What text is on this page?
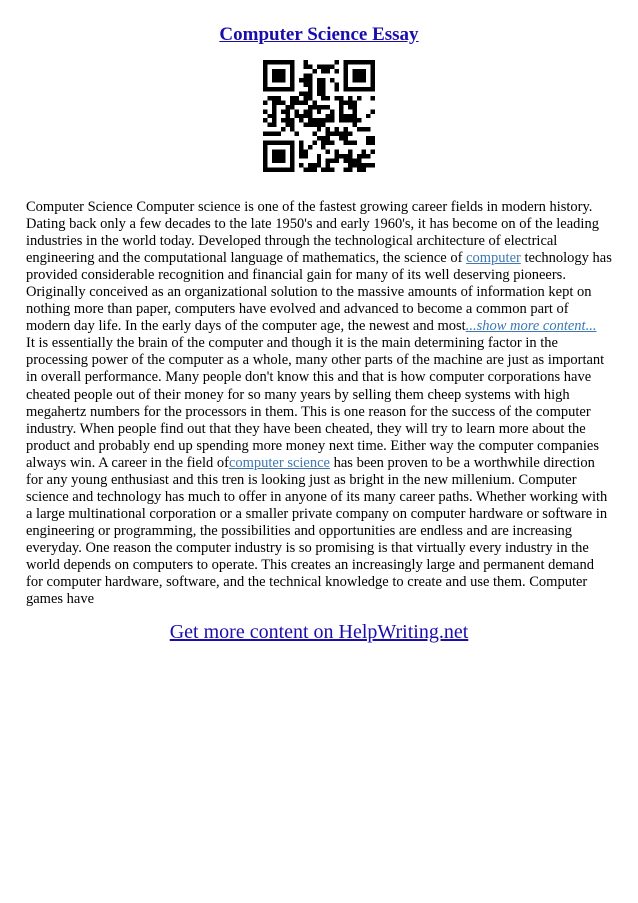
Computer Science Essay
Computer Science Computer science is one of the fastest growing career fields in modern history.
Dating back only a few decades to the late 1950's and early 1960's, it has become on of the leading
industries in the world today. Developed through the technological architecture of electrical
engineering and the computational language of mathematics, the science of computer technology has
provided considerable recognition and financial gain for many of its well deserving pioneers.
Originally conceived as an organizational solution to the massive amounts of information kept on
nothing more than paper, computers have evolved and advanced to become a common part of
modern day life. In the early days of the computer age, the newest and most...show more content...
It is essentially the brain of the computer and though it is the main determining factor in the
processing power of the computer as a whole, many other parts of the machine are just as important
in overall performance. Many people don't know this and that is how computer corporations have
cheated people out of their money for so many years by selling them cheep systems with high
megahertz numbers for the processors in them. This is one reason for the success of the computer
industry. When people find out that they have been cheated, they will try to learn more about the
product and probably end up spending more money next time. Either way the computer companies
always win. A career in the field ofcomputer science has been proven to be a worthwhile direction
for any young enthusiast and this tren is looking just as bright in the new millenium. Computer
science and technology has much to offer in anyone of its many career paths. Whether working with
a large multinational corporation or a smaller private company on computer hardware or software in
engineering or programming, the possibilities and opportunities are endless and are increasing
everyday. One reason the computer industry is so promising is that virtually every industry in the
world depends on computers to operate. This creates an increasingly large and permanent demand
for computer hardware, software, and the technical knowledge to create and use them. Computer
games have
Get more content on HelpWriting.net
